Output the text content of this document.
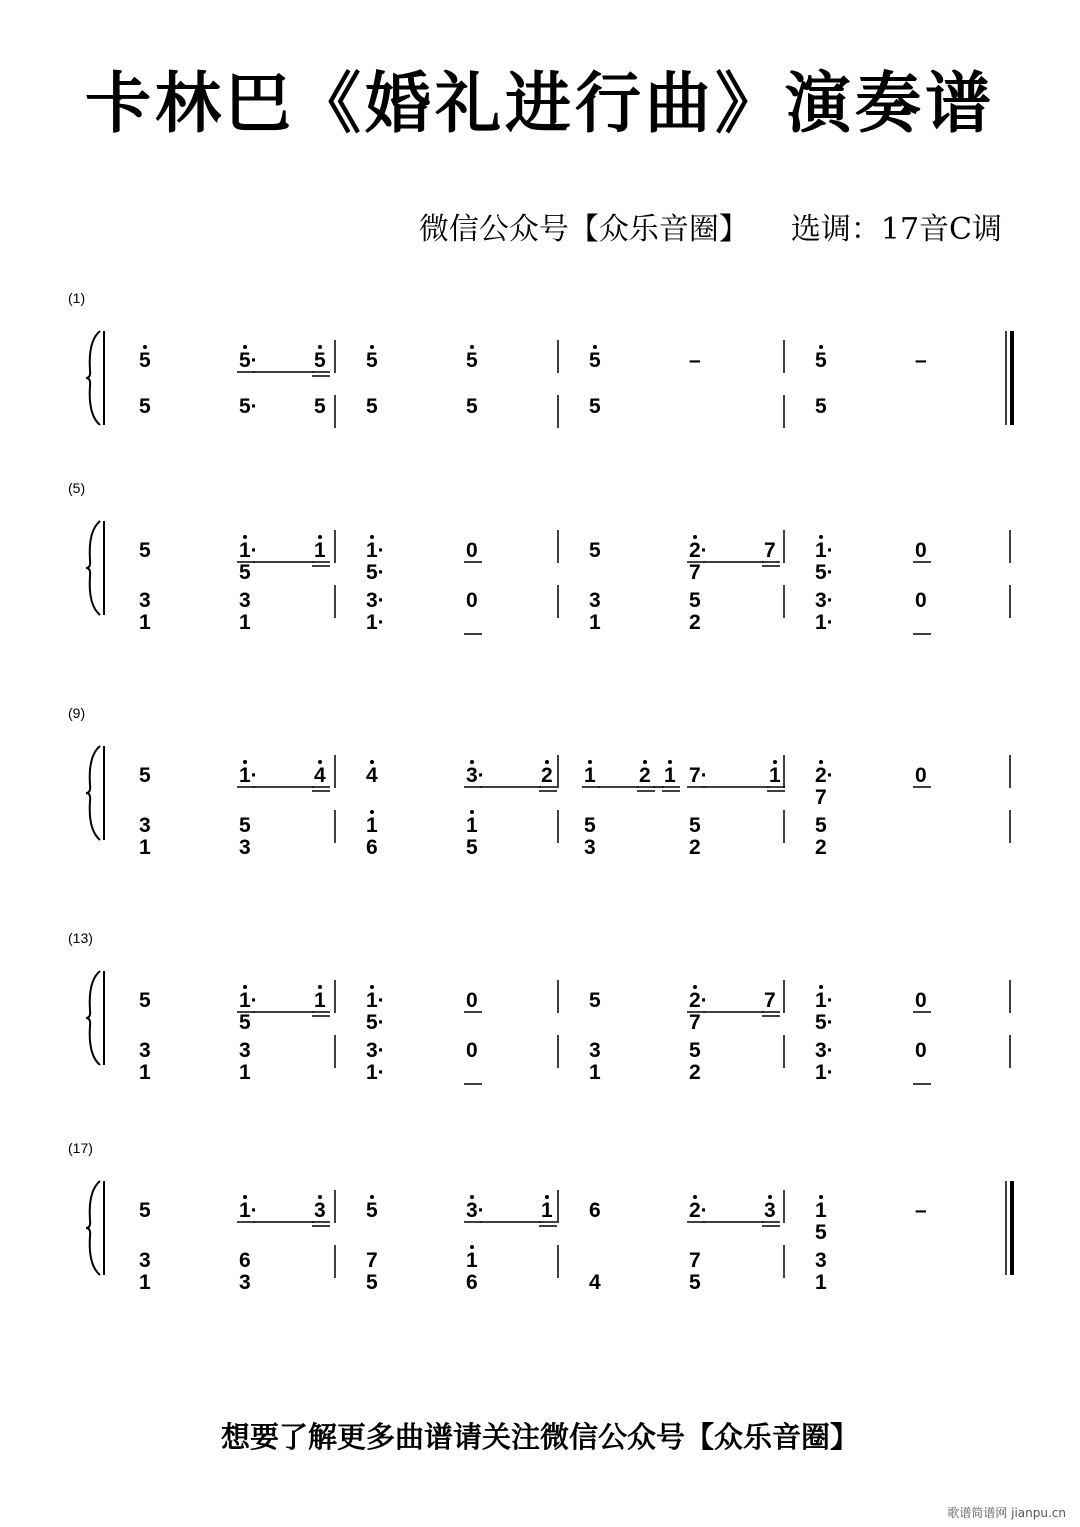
卡林巴《婚礼进行曲》演奏谱
微信公众号【众乐音圈】 选调：17音C调
(1)
5
5
5·
5·
5
5
5
5
5
5
5
5
–	5
5
–
(5)
5
3
1
1·
5
3
1
1 1·
5·
3·
1·
0
0
5
3
1
2·
7
5
2
7 1·
5·
3·
1·
0
0
(9)
5
3
1
1·
5
3
4 4
1
6
3·
1
5
2 1
5
3
2 1 7·
5
2
1 2·
7
5
2
0
(13)
5
3
1
1·
5
3
1
1 1·
5·
3·
1·
0
0
5
3
1
2·
7
5
2
7 1·
5·
3·
1·
0
0
(17)
5
3
1
1·
6
3
3 5
7
5
3·
1
6
1 6
4
2·
7
5
3 1
5
3
1
–
想要了解更多曲谱请关注微信公众号【众乐音圈】
歌谱简谱网 jianpu.cn
